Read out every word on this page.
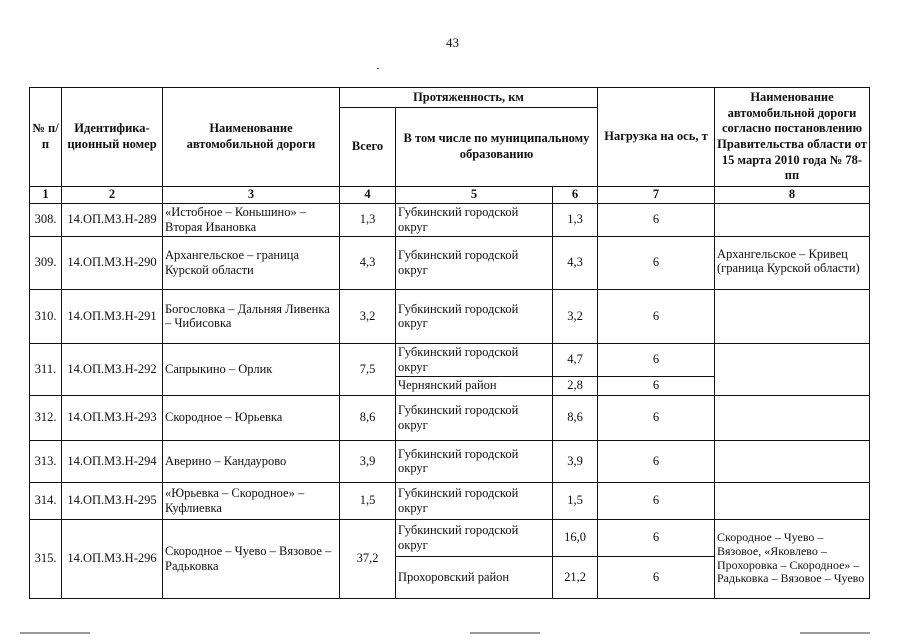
43
№ п/п	Идентифика-ционный номер	Наименование автомобильной дороги	Протяженность, км			Нагрузка на ось, т	Наименование автомобильной дороги согласно постановлению Правительства области от 15 марта 2010 года № 78-пп
			Всего	В том числе по муниципальному образованию			
1	2	3	4	5	6	7	8
308.	14.ОП.МЗ.Н-289	«Истобное – Коньшино» – Вторая Ивановка	1,3	Губкинский городской округ	1,3	6	
309.	14.ОП.МЗ.Н-290	Архангельское – граница Курской области	4,3	Губкинский городской округ	4,3	6	Архангельское – Кривец (граница Курской области)
310.	14.ОП.МЗ.Н-291	Богословка – Дальняя Ливенка – Чибисовка	3,2	Губкинский городской округ	3,2	6	
311.	14.ОП.МЗ.Н-292	Сапрыкино – Орлик	7,5	Губкинский городской округ	4,7	6	
				Чернянский район	2,8	6	
312.	14.ОП.МЗ.Н-293	Скородное – Юрьевка	8,6	Губкинский городской округ	8,6	6	
313.	14.ОП.МЗ.Н-294	Аверино – Кандаурово	3,9	Губкинский городской округ	3,9	6	
314.	14.ОП.МЗ.Н-295	«Юрьевка – Скородное» – Куфлиевка	1,5	Губкинский городской округ	1,5	6	
315.	14.ОП.МЗ.Н-296	Скородное – Чуево – Вязовое – Радьковка	37,2	Губкинский городской округ	16,0	6	Скородное – Чуево – Вязовое, «Яковлево – Прохоровка – Скородное» – Радьковка – Вязовое – Чуево
				Прохоровский район	21,2	6	
